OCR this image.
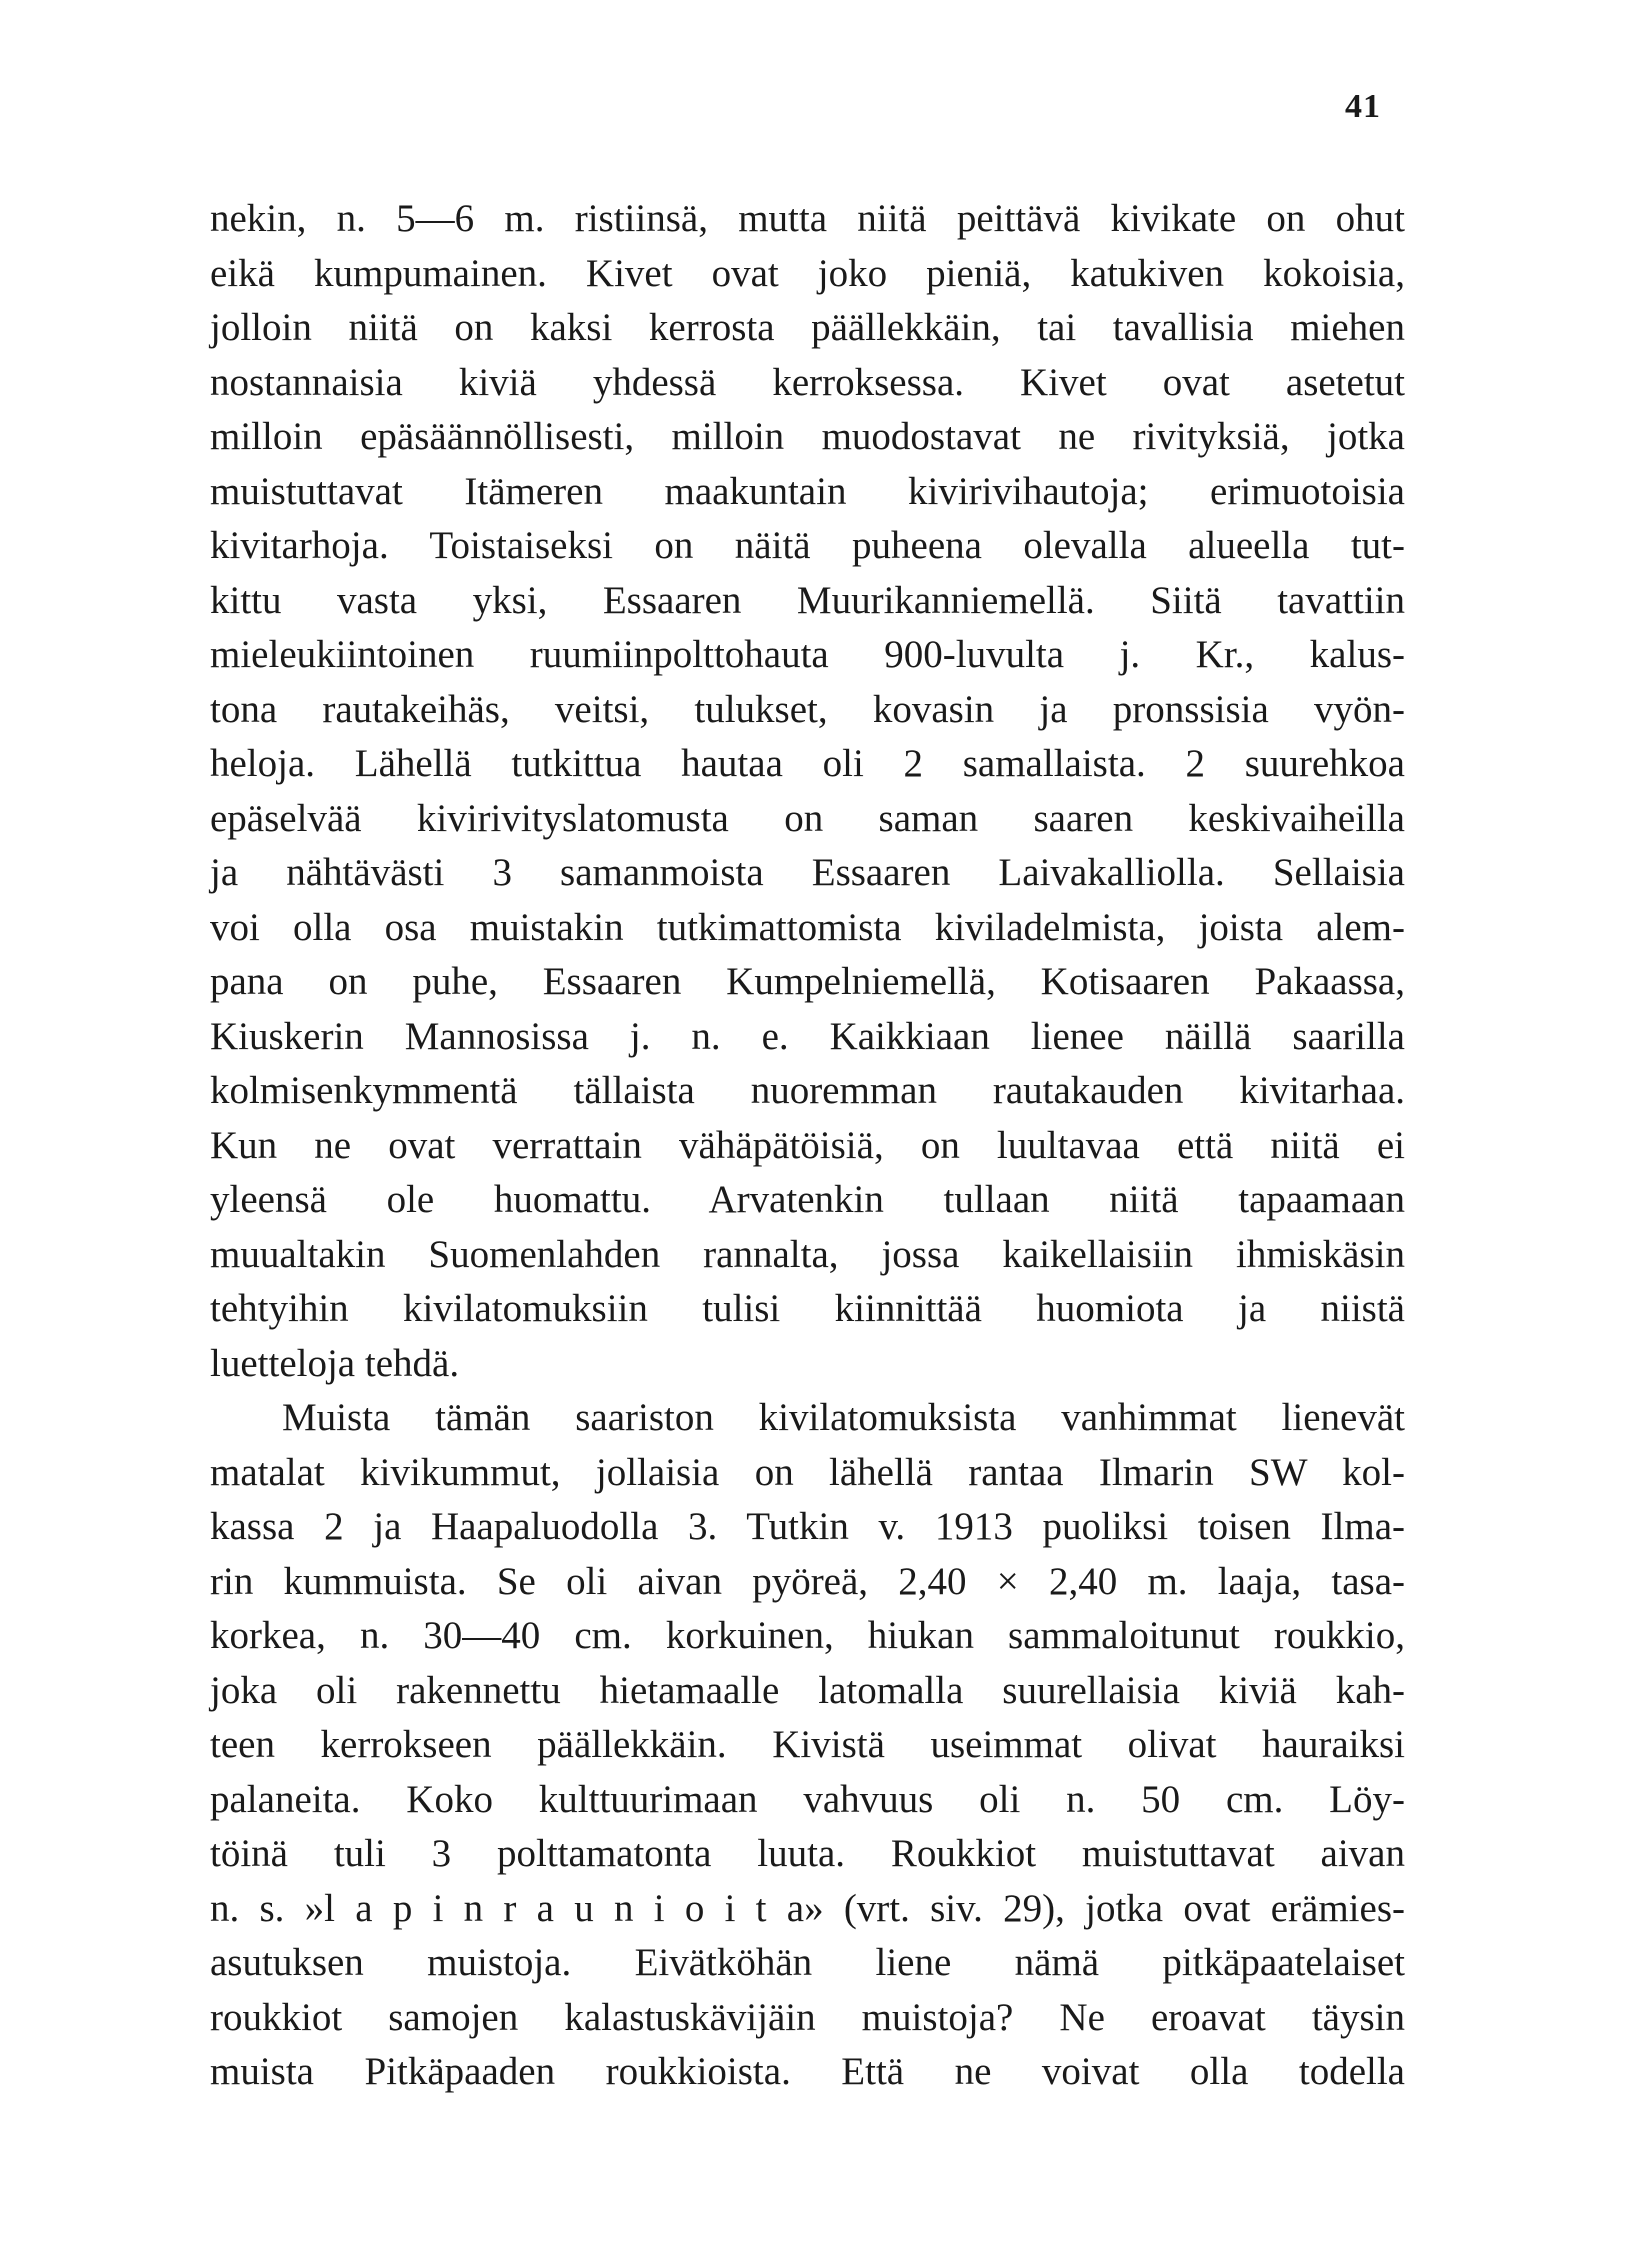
41
nekin, n. 5—6 m. ristiinsä, mutta niitä peittävä kivikate on ohut
eikä kumpumainen. Kivet ovat joko pieniä, katukiven kokoisia,
jolloin niitä on kaksi kerrosta päällekkäin, tai tavallisia miehen
nostannaisia kiviä yhdessä kerroksessa. Kivet ovat asetetut
milloin epäsäännöllisesti, milloin muodostavat ne rivityksiä, jotka
muistuttavat Itämeren maakuntain kivirivihautoja; erimuotoisia
kivitarhoja. Toistaiseksi on näitä puheena olevalla alueella tut-
kittu vasta yksi, Essaaren Muurikanniemellä. Siitä tavattiin
mieleukiintoinen ruumiinpolttohauta 900-luvulta j. Kr., kalus-
tona rautakeihäs, veitsi, tulukset, kovasin ja pronssisia vyön-
heloja. Lähellä tutkittua hautaa oli 2 samallaista. 2 suurehkoa
epäselvää kivirivityslatomusta on saman saaren keskivaiheilla
ja nähtävästi 3 samanmoista Essaaren Laivakalliolla. Sellaisia
voi olla osa muistakin tutkimattomista kiviladelmista, joista alem-
pana on puhe, Essaaren Kumpelniemellä, Kotisaaren Pakaassa,
Kiuskerin Mannosissa j. n. e. Kaikkiaan lienee näillä saarilla
kolmisenkymmentä tällaista nuoremman rautakauden kivitarhaa.
Kun ne ovat verrattain vähäpätöisiä, on luultavaa että niitä ei
yleensä ole huomattu. Arvatenkin tullaan niitä tapaamaan
muualtakin Suomenlahden rannalta, jossa kaikellaisiin ihmiskäsin
tehtyihin kivilatomuksiin tulisi kiinnittää huomiota ja niistä
luetteloja tehdä.
Muista tämän saariston kivilatomuksista vanhimmat lienevät
matalat kivikummut, jollaisia on lähellä rantaa Ilmarin SW kol-
kassa 2 ja Haapaluodolla 3. Tutkin v. 1913 puoliksi toisen Ilma-
rin kummuista. Se oli aivan pyöreä, 2,40 × 2,40 m. laaja, tasa-
korkea, n. 30—40 cm. korkuinen, hiukan sammaloitunut roukkio,
joka oli rakennettu hietamaalle latomalla suurellaisia kiviä kah-
teen kerrokseen päällekkäin. Kivistä useimmat olivat hauraiksi
palaneita. Koko kulttuurimaan vahvuus oli n. 50 cm. Löy-
töinä tuli 3 polttamatonta luuta. Roukkiot muistuttavat aivan
n. s. »l a p i n r a u n i o i t a» (vrt. siv. 29), jotka ovat erämies-
asutuksen muistoja. Eivätköhän liene nämä pitkäpaatelaiset
roukkiot samojen kalastuskävijäin muistoja? Ne eroavat täysin
muista Pitkäpaaden roukkioista. Että ne voivat olla todella
